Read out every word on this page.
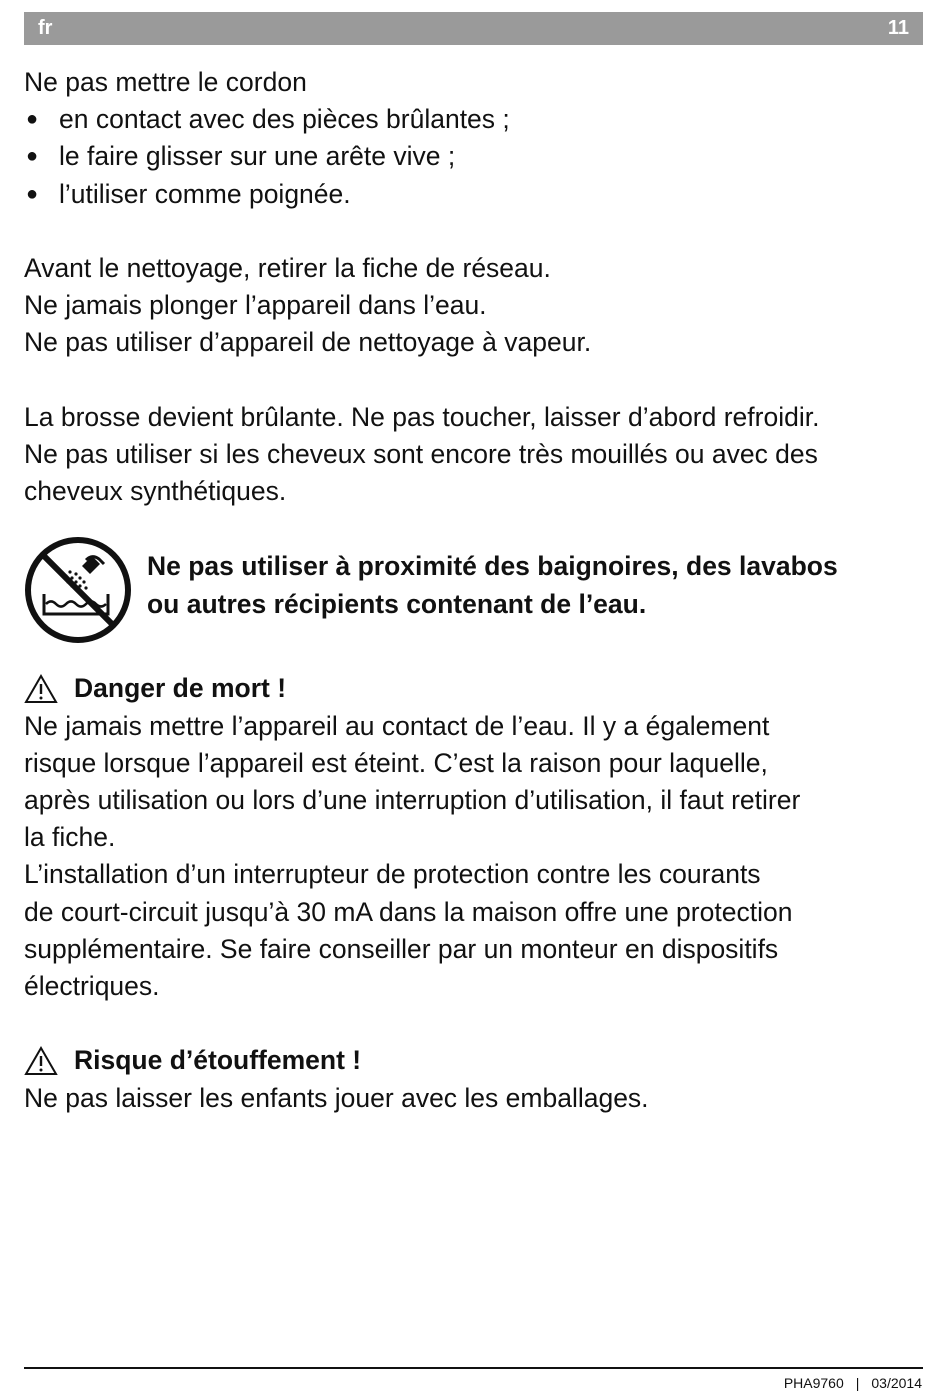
fr	11

Ne pas mettre le cordon

● en contact avec des pièces brûlantes ;
● le faire glisser sur une arête vive ;
● l’utiliser comme poignée.

Avant le nettoyage, retirer la fiche de réseau.

Ne jamais plonger l’appareil dans l’eau.

Ne pas utiliser d’appareil de nettoyage à vapeur.

La brosse devient brûlante. Ne pas toucher, laisser d’abord refroidir.

Ne pas utiliser si les cheveux sont encore très mouillés ou avec des

cheveux synthétiques.

Ne pas utiliser à proximité des baignoires, des lavabos

ou autres récipients contenant de l’eau.

Danger de mort !

Ne jamais mettre l’appareil au contact de l’eau. Il y a également

risque lorsque l’appareil est éteint. C’est la raison pour laquelle,

après utilisation ou lors d’une interruption d’utilisation, il faut retirer

la fiche.

L’installation d’un interrupteur de protection contre les courants

de court-circuit jusqu’à 30 mA dans la maison offre une protection

supplémentaire. Se faire conseiller par un monteur en dispositifs

électriques.

Risque d’étouffement !

Ne pas laisser les enfants jouer avec les emballages.

PHA9760 | 03/2014
